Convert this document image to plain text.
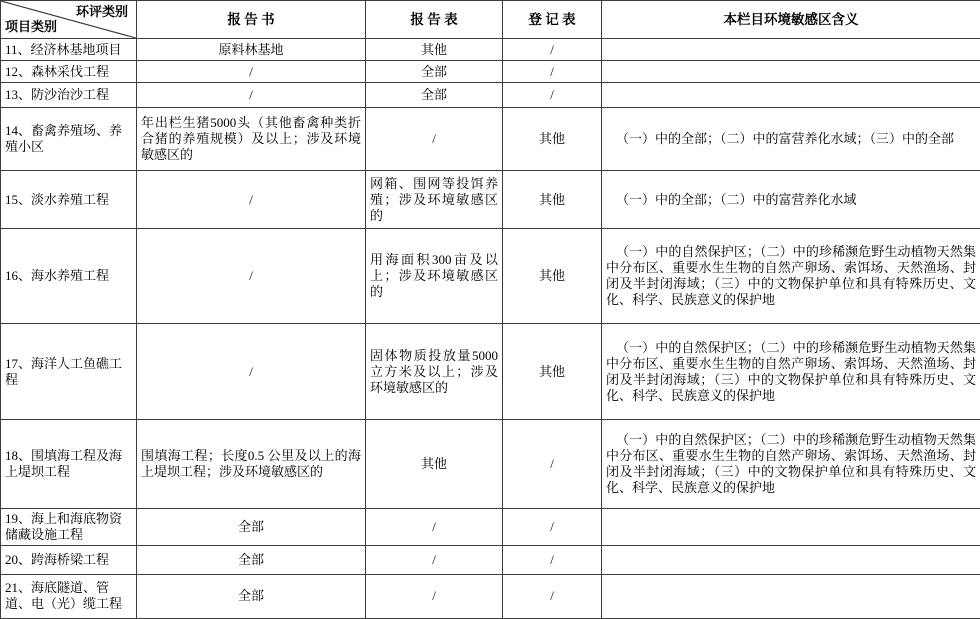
环评类别
项目类别	报 告 书	报 告 表	登 记 表	本栏目环境敏感区含义
11、经济林基地项目	原料林基地	其他	/	
12、森林采伐工程	/	全部	/	
13、防沙治沙工程	/	全部	/	
14、畜禽养殖场、养殖小区	年出栏生猪5000头（其他畜禽种类折合猪的养殖规模）及以上；涉及环境敏感区的	/	其他	（一）中的全部；（二）中的富营养化水域；（三）中的全部
15、淡水养殖工程	/	网箱、围网等投饵养殖；涉及环境敏感区的	其他	（一）中的全部；（二）中的富营养化水域
16、海水养殖工程	/	用海面积300亩及以上；涉及环境敏感区的	其他	（一）中的自然保护区；（二）中的珍稀濒危野生动植物天然集中分布区、重要水生生物的自然产卵场、索饵场、天然渔场、封闭及半封闭海域；（三）中的文物保护单位和具有特殊历史、文化、科学、民族意义的保护地
17、海洋人工鱼礁工程	/	固体物质投放量5000 立方米及以上；涉及环境敏感区的	其他	（一）中的自然保护区；（二）中的珍稀濒危野生动植物天然集中分布区、重要水生生物的自然产卵场、索饵场、天然渔场、封闭及半封闭海域；（三）中的文物保护单位和具有特殊历史、文化、科学、民族意义的保护地
18、围填海工程及海上堤坝工程	围填海工程；长度0.5 公里及以上的海上堤坝工程；涉及环境敏感区的	其他	/	（一）中的自然保护区；（二）中的珍稀濒危野生动植物天然集中分布区、重要水生生物的自然产卵场、索饵场、天然渔场、封闭及半封闭海域；（三）中的文物保护单位和具有特殊历史、文化、科学、民族意义的保护地
19、海上和海底物资储藏设施工程	全部	/	/	
20、跨海桥梁工程	全部	/	/	
21、海底隧道、管道、电（光）缆工程	全部	/	/	
